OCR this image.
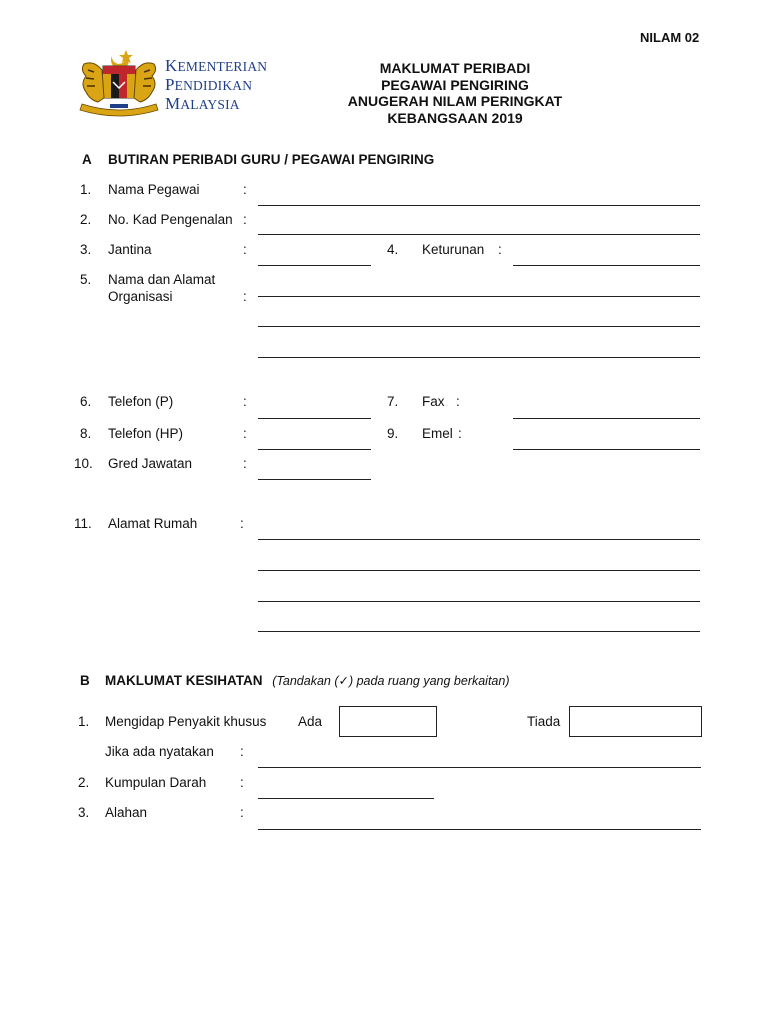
NILAM 02
KEMENTERIAN
PENDIDIKAN
MALAYSIA
MAKLUMAT PERIBADI
PEGAWAI PENGIRING
ANUGERAH NILAM PERINGKAT
KEBANGSAAN 2019
A BUTIRAN PERIBADI GURU / PEGAWAI PENGIRING
1. Nama Pegawai	:
2. No. Kad Pengenalan :
3. Jantina	:	4. Keturunan :
5. Nama dan Alamat
Organisasi	:
6. Telefon (P)	:	7. Fax :
8. Telefon (HP)	:	9. Emel :
10. Gred Jawatan	:
11. Alamat Rumah	:
B MAKLUMAT KESIHATAN (Tandakan (✓) pada ruang yang berkaitan)
1. Mengidap Penyakit khusus Ada	Tiada
Jika ada nyatakan :
2. Kumpulan Darah :
3. Alahan	:
